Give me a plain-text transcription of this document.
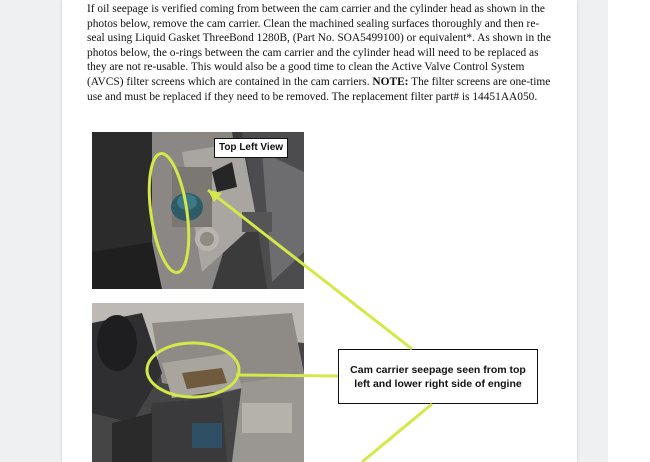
If oil seepage is verified coming from between the cam carrier and the cylinder head as shown in the photos below, remove the cam carrier. Clean the machined sealing surfaces thoroughly and then re-seal using Liquid Gasket ThreeBond 1280B, (Part No. SOA5499100) or equivalent*. As shown in the photos below, the o-rings between the cam carrier and the cylinder head will need to be replaced as they are not re-usable. This would also be a good time to clean the Active Valve Control System (AVCS) filter screens which are contained in the cam carriers. NOTE: The filter screens are one-time use and must be replaced if they need to be removed. The replacement filter part# is 14451AA050.

Top Left View
Cam carrier seepage seen from top left and lower right side of engine
